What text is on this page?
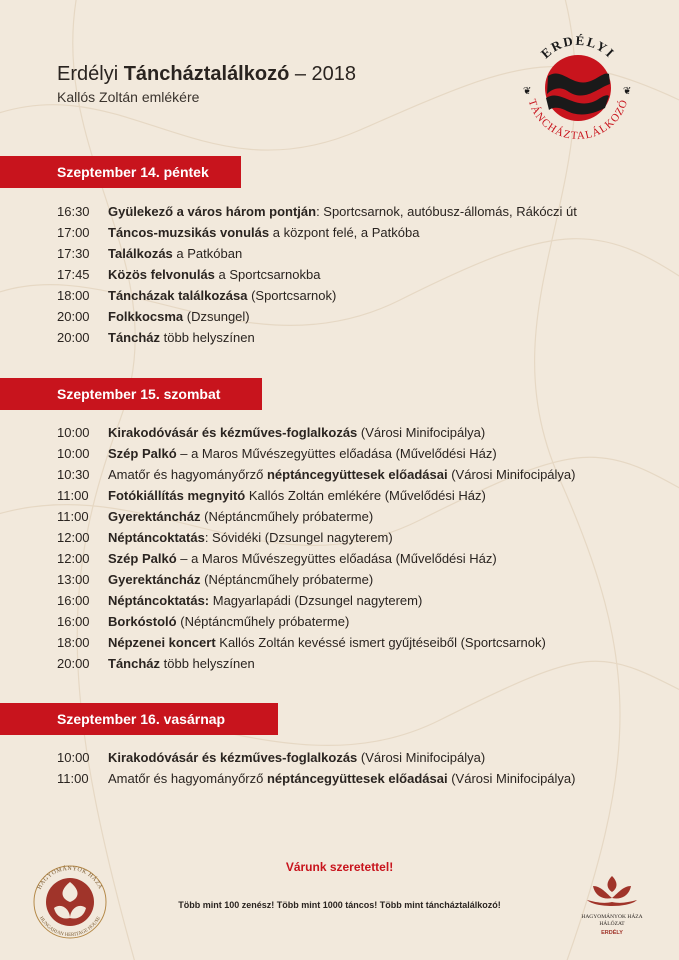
Erdélyi Táncháztalálkozó – 2018
Kallós Zoltán emlékére
ERDÉLYI
TÁNCHÁZTALÁLKOZÓ
❦	❦
Szeptember 14. péntek
16:30 Gyülekező a város három pontján: Sportcsarnok, autóbusz-állomás, Rákóczi út
17:00 Táncos-muzsikás vonulás a központ felé, a Patkóba
17:30 Találkozás a Patkóban
17:45 Közös felvonulás a Sportcsarnokba
18:00 Táncházak találkozása (Sportcsarnok)
20:00 Folkkocsma (Dzsungel)
20:00 Táncház több helyszínen
Szeptember 15. szombat
10:00 Kirakodóvásár és kézműves-foglalkozás (Városi Minifocipálya)
10:00 Szép Palkó – a Maros Művészegyüttes előadása (Művelődési Ház)
10:30 Amatőr és hagyományőrző néptáncegyüttesek előadásai (Városi Minifocipálya)
11:00 Fotókiállítás megnyitó Kallós Zoltán emlékére (Művelődési Ház)
11:00 Gyerektáncház (Néptáncműhely próbaterme)
12:00 Néptáncoktatás: Sóvidéki (Dzsungel nagyterem)
12:00 Szép Palkó – a Maros Művészegyüttes előadása (Művelődési Ház)
13:00 Gyerektáncház (Néptáncműhely próbaterme)
16:00 Néptáncoktatás: Magyarlapádi (Dzsungel nagyterem)
16:00 Borkóstoló (Néptáncműhely próbaterme)
18:00 Népzenei koncert Kallós Zoltán kevéssé ismert gyűjtéseiből (Sportcsarnok)
20:00 Táncház több helyszínen
Szeptember 16. vasárnap
10:00 Kirakodóvásár és kézműves-foglalkozás (Városi Minifocipálya)
11:00 Amatőr és hagyományőrző néptáncegyüttesek előadásai (Városi Minifocipálya)
Várunk szeretettel!
Több mint 100 zenész! Több mint 1000 táncos! Több mint táncháztalálkozó!
HAGYOMÁNYOK HÁZA
HUNGARIAN HERITAGE HOUSE	HAGYOMÁNYOK HÁZA
HÁLÓZAT
ERDÉLY
